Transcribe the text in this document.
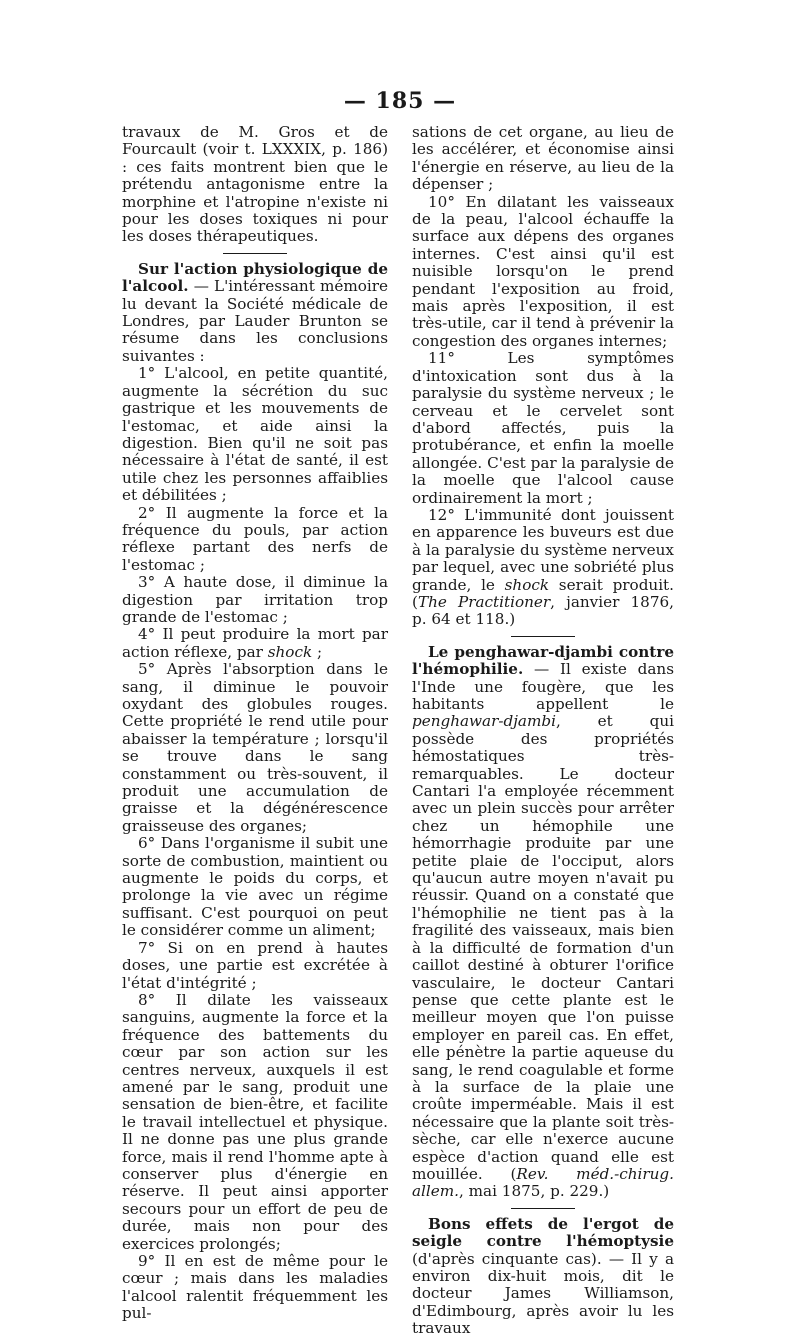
— 185 —

travaux de M. Gros et de Fourcault (voir t. LXXXIX, p. 186) : ces faits montrent bien que le prétendu antagonisme entre la morphine et l'atropine n'existe ni pour les doses toxiques ni pour les doses thérapeutiques.

Sur l'action physiologique de l'alcool. — L'intéressant mémoire lu devant la Société médicale de Londres, par Lauder Brunton se résume dans les conclusions suivantes :

1° L'alcool, en petite quantité, augmente la sécrétion du suc gastrique et les mouvements de l'estomac, et aide ainsi la digestion. Bien qu'il ne soit pas nécessaire à l'état de santé, il est utile chez les personnes affaiblies et débilitées ;

2° Il augmente la force et la fréquence du pouls, par action réflexe partant des nerfs de l'estomac ;

3° A haute dose, il diminue la digestion par irritation trop grande de l'estomac ;

4° Il peut produire la mort par action réflexe, par shock ;

5° Après l'absorption dans le sang, il diminue le pouvoir oxydant des globules rouges. Cette propriété le rend utile pour abaisser la température ; lorsqu'il se trouve dans le sang constamment ou très-souvent, il produit une accumulation de graisse et la dégénérescence graisseuse des organes;

6° Dans l'organisme il subit une sorte de combustion, maintient ou augmente le poids du corps, et prolonge la vie avec un régime suffisant. C'est pourquoi on peut le considérer comme un aliment;

7° Si on en prend à hautes doses, une partie est excrétée à l'état d'intégrité ;

8° Il dilate les vaisseaux sanguins, augmente la force et la fréquence des battements du cœur par son action sur les centres nerveux, auxquels il est amené par le sang, produit une sensation de bien-être, et facilite le travail intellectuel et physique. Il ne donne pas une plus grande force, mais il rend l'homme apte à conserver plus d'énergie en réserve. Il peut ainsi apporter secours pour un effort de peu de durée, mais non pour des exercices prolongés;

9° Il en est de même pour le cœur ; mais dans les maladies l'alcool ralentit fréquemment les pul-

sations de cet organe, au lieu de les accélérer, et économise ainsi l'énergie en réserve, au lieu de la dépenser ;

10° En dilatant les vaisseaux de la peau, l'alcool échauffe la surface aux dépens des organes internes. C'est ainsi qu'il est nuisible lorsqu'on le prend pendant l'exposition au froid, mais après l'exposition, il est très-utile, car il tend à prévenir la congestion des organes internes;

11° Les symptômes d'intoxication sont dus à la paralysie du système nerveux ; le cerveau et le cervelet sont d'abord affectés, puis la protubérance, et enfin la moelle allongée. C'est par la paralysie de la moelle que l'alcool cause ordinairement la mort ;

12° L'immunité dont jouissent en apparence les buveurs est due à la paralysie du système nerveux par lequel, avec une sobriété plus grande, le shock serait produit. (The Practitioner, janvier 1876, p. 64 et 118.)

Le penghawar-djambi contre l'hémophilie. — Il existe dans l'Inde une fougère, que les habitants appellent le penghawar-djambi, et qui possède des propriétés hémostatiques très-remarquables. Le docteur Cantari l'a employée récemment avec un plein succès pour arrêter chez un hémophile une hémorrhagie produite par une petite plaie de l'occiput, alors qu'aucun autre moyen n'avait pu réussir. Quand on a constaté que l'hémophilie ne tient pas à la fragilité des vaisseaux, mais bien à la difficulté de formation d'un caillot destiné à obturer l'orifice vasculaire, le docteur Cantari pense que cette plante est le meilleur moyen que l'on puisse employer en pareil cas. En effet, elle pénètre la partie aqueuse du sang, le rend coagulable et forme à la surface de la plaie une croûte imperméable. Mais il est nécessaire que la plante soit très-sèche, car elle n'exerce aucune espèce d'action quand elle est mouillée. (Rev. méd.-chirug. allem., mai 1875, p. 229.)

Bons effets de l'ergot de seigle contre l'hémoptysie (d'après cinquante cas). — Il y a environ dix-huit mois, dit le docteur James Williamson, d'Edimbourg, après avoir lu les travaux
